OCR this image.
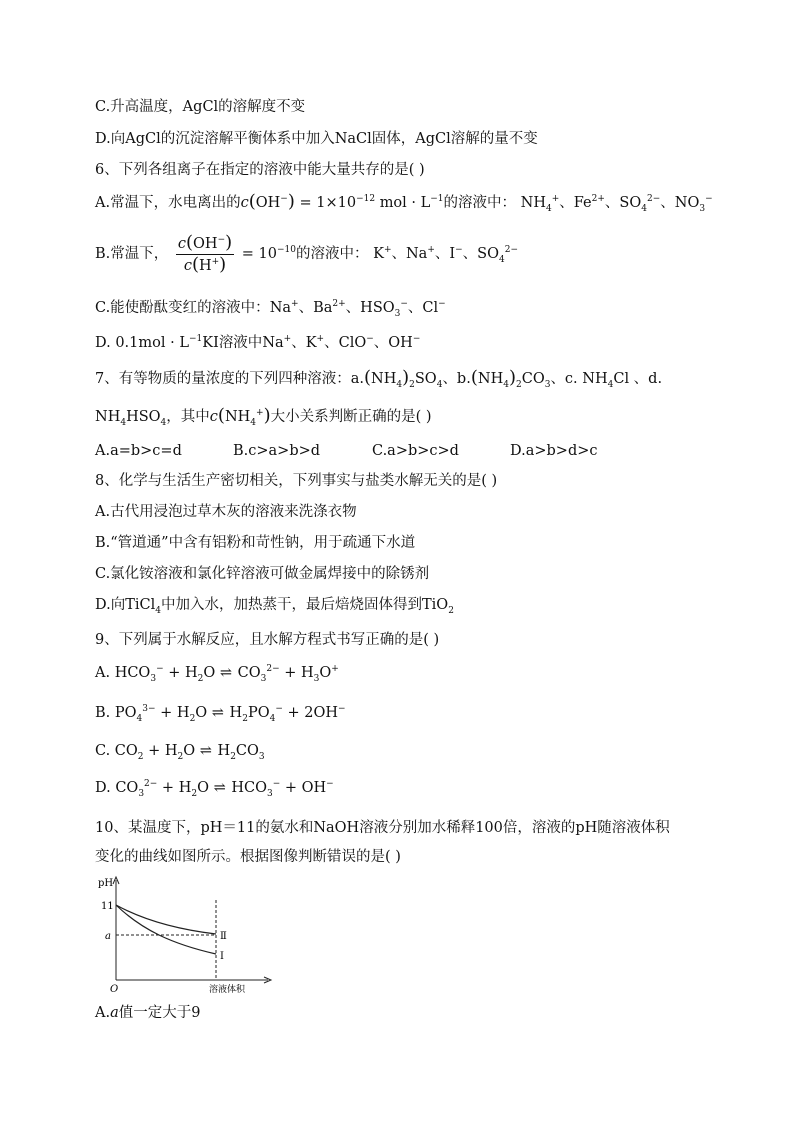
C.升高温度，AgCl的溶解度不变
D.向AgCl的沉淀溶解平衡体系中加入NaCl固体，AgCl溶解的量不变
6、下列各组离子在指定的溶液中能大量共存的是( )
A.常温下，水电离出的$c(OH^-) = 1\times 10^{-12}$ mol · $L^{-1}$的溶液中： $NH_4^+$、$Fe^{2+}$、$SO_4^{2-}$、$NO_3^-$
B.常温下， $\frac{c(OH^-)}{c(H^+)} = 10^{-10}$的溶液中： K+、Na+、I−、$SO_4^{2-}$
C.能使酚酞变红的溶液中：Na+、$Ba^{2+}$、$HSO_3^-$、Cl−
D. $0.1mol \cdot L^{-1}KI$溶液中Na+、K+、ClO−、OH−
7、有等物质的量浓度的下列四种溶液：$a.(NH_4)_2SO_4$、$b.(NH_4)_2CO_3$、c. $NH_4Cl$ 、d.
$NH_4HSO_4$，其中$c(NH_4^+)$大小关系判断正确的是( )
A.a=b>c=d	B.c>a>b>d	C.a>b>c>d	D.a>b>d>c
8、化学与生活生产密切相关，下列事实与盐类水解无关的是( )
A.古代用浸泡过草木灰的溶液来洗涤衣物
B.“管道通”中含有铝粉和苛性钠，用于疏通下水道
C.氯化铵溶液和氯化锌溶液可做金属焊接中的除锈剂
D.向TiCl$_4$中加入水，加热蒸干，最后焙烧固体得到TiO$_2$
9、下列属于水解反应，且水解方程式书写正确的是( )
A. $HCO_3^- + H_2O$ ⇌ $CO_3^{2-} + H_3O^+$
B. $PO_4^{3-} + H_2O$ ⇌ $H_2PO_4^- + 2OH^-$
C. $CO_2 + H_2O$ ⇌ $H_2CO_3$
D. $CO_3^{2-} + H_2O$ ⇌ $HCO_3^- + OH^-$
10、某温度下，pH＝11的氨水和NaOH溶液分别加水稀释100倍，溶液的pH随溶液体积
变化的曲线如图所示。根据图像判断错误的是( )
pH
11
a
O	溶液体积
Ⅱ
Ⅰ
A.a值一定大于9
